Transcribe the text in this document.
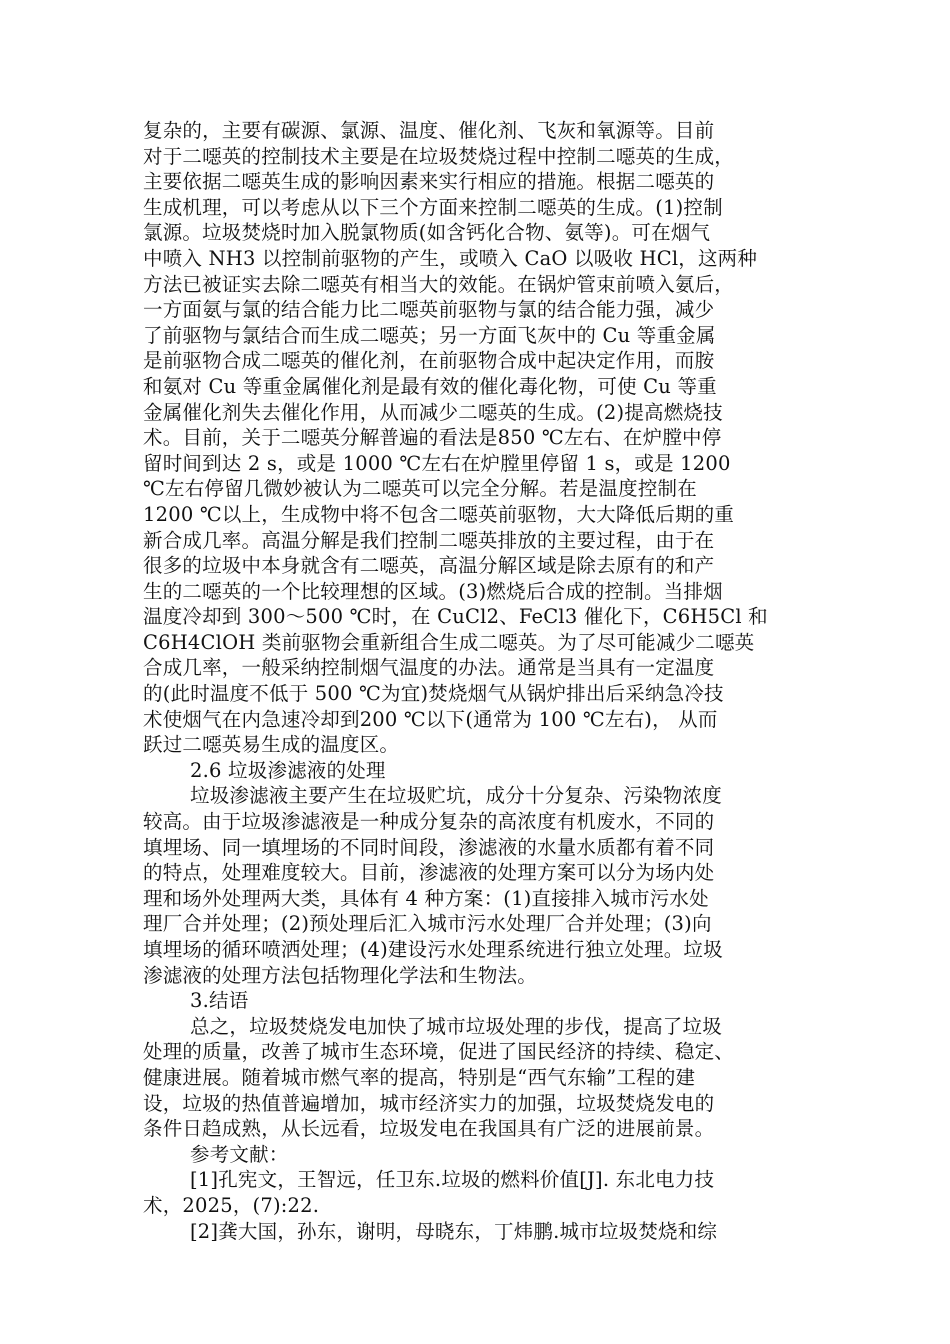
复杂的，主要有碳源、氯源、温度、催化剂、飞灰和氧源等。目前
对于二噁英的控制技术主要是在垃圾焚烧过程中控制二噁英的生成，
主要依据二噁英生成的影响因素来实行相应的措施。根据二噁英的
生成机理，可以考虑从以下三个方面来控制二噁英的生成。(1)控制
氯源。垃圾焚烧时加入脱氯物质(如含钙化合物、氨等)。可在烟气
中喷入 NH3 以控制前驱物的产生，或喷入 CaO 以吸收 HCl，这两种
方法已被证实去除二噁英有相当大的效能。在锅炉管束前喷入氨后，
一方面氨与氯的结合能力比二噁英前驱物与氯的结合能力强，减少
了前驱物与氯结合而生成二噁英；另一方面飞灰中的 Cu 等重金属
是前驱物合成二噁英的催化剂，在前驱物合成中起决定作用，而胺
和氨对 Cu 等重金属催化剂是最有效的催化毒化物，可使 Cu 等重
金属催化剂失去催化作用，从而减少二噁英的生成。(2)提高燃烧技
术。目前，关于二噁英分解普遍的看法是850 ℃左右、在炉膛中停
留时间到达 2 s，或是 1000 ℃左右在炉膛里停留 1 s，或是 1200
℃左右停留几微妙被认为二噁英可以完全分解。若是温度控制在
1200 ℃以上，生成物中将不包含二噁英前驱物，大大降低后期的重
新合成几率。高温分解是我们控制二噁英排放的主要过程，由于在
很多的垃圾中本身就含有二噁英，高温分解区域是除去原有的和产
生的二噁英的一个比较理想的区域。(3)燃烧后合成的控制。当排烟
温度冷却到 300～500 ℃时，在 CuCl2、FeCl3 催化下，C6H5Cl 和
C6H4ClOH 类前驱物会重新组合生成二噁英。为了尽可能减少二噁英
合成几率，一般采纳控制烟气温度的办法。通常是当具有一定温度
的(此时温度不低于 500 ℃为宜)焚烧烟气从锅炉排出后采纳急冷技
术使烟气在内急速冷却到200 ℃以下(通常为 100 ℃左右)， 从而
跃过二噁英易生成的温度区。
2.6 垃圾渗滤液的处理
垃圾渗滤液主要产生在垃圾贮坑，成分十分复杂、污染物浓度
较高。由于垃圾渗滤液是一种成分复杂的高浓度有机废水，不同的
填埋场、同一填埋场的不同时间段，渗滤液的水量水质都有着不同
的特点，处理难度较大。目前，渗滤液的处理方案可以分为场内处
理和场外处理两大类，具体有 4 种方案：(1)直接排入城市污水处
理厂合并处理；(2)预处理后汇入城市污水处理厂合并处理；(3)向
填埋场的循环喷洒处理；(4)建设污水处理系统进行独立处理。垃圾
渗滤液的处理方法包括物理化学法和生物法。
3.结语
总之，垃圾焚烧发电加快了城市垃圾处理的步伐，提高了垃圾
处理的质量，改善了城市生态环境，促进了国民经济的持续、稳定、
健康进展。随着城市燃气率的提高，特别是“西气东输”工程的建
设，垃圾的热值普遍增加，城市经济实力的加强，垃圾焚烧发电的
条件日趋成熟，从长远看，垃圾发电在我国具有广泛的进展前景。
参考文献：
[1]孔宪文，王智远，任卫东.垃圾的燃料价值[J]. 东北电力技
术，2025，(7):22.
[2]龚大国，孙东，谢明，母晓东，丁炜鹏.城市垃圾焚烧和综
